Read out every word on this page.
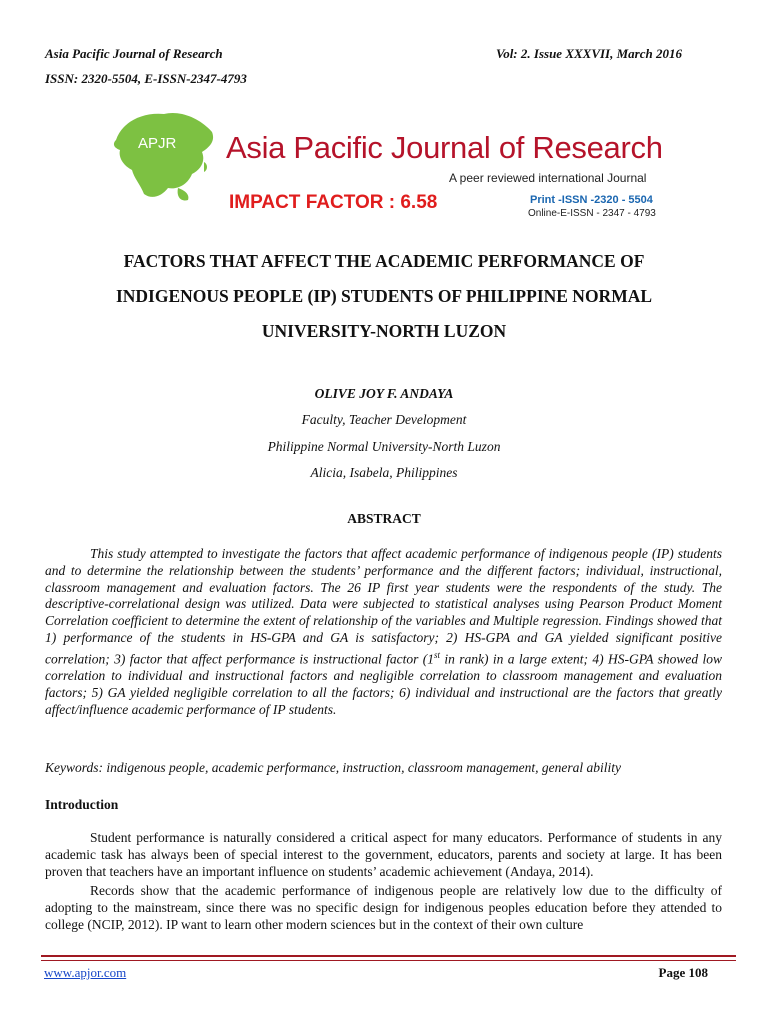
Asia Pacific Journal of Research
ISSN: 2320-5504, E-ISSN-2347-4793
Vol: 2. Issue XXXVII, March 2016
APJR Asia Pacific Journal of Research
A peer reviewed international Journal
IMPACT FACTOR : 6.58	Print -ISSN -2320 - 5504
Online-E-ISSN - 2347 - 4793
FACTORS THAT AFFECT THE ACADEMIC PERFORMANCE OF
INDIGENOUS PEOPLE (IP) STUDENTS OF PHILIPPINE NORMAL
UNIVERSITY-NORTH LUZON
OLIVE JOY F. ANDAYA
Faculty, Teacher Development
Philippine Normal University-North Luzon
Alicia, Isabela, Philippines
ABSTRACT
This study attempted to investigate the factors that affect academic performance of indigenous people (IP) students and to determine the relationship between the students’ performance and the different factors; individual, instructional, classroom management and evaluation factors. The 26 IP first year students were the respondents of the study. The descriptive-correlational design was utilized. Data were subjected to statistical analyses using Pearson Product Moment Correlation coefficient to determine the extent of relationship of the variables and Multiple regression. Findings showed that 1) performance of the students in HS-GPA and GA is satisfactory; 2) HS-GPA and GA yielded significant positive correlation; 3) factor that affect performance is instructional factor (1st in rank) in a large extent; 4) HS-GPA showed low correlation to individual and instructional factors and negligible correlation to classroom management and evaluation factors; 5) GA yielded negligible correlation to all the factors; 6) individual and instructional are the factors that greatly affect/influence academic performance of IP students.
Keywords: indigenous people, academic performance, instruction, classroom management, general ability
Introduction
Student performance is naturally considered a critical aspect for many educators. Performance of students in any academic task has always been of special interest to the government, educators, parents and society at large. It has been proven that teachers have an important influence on students’ academic achievement (Andaya, 2014).
Records show that the academic performance of indigenous people are relatively low due to the difficulty of adopting to the mainstream, since there was no specific design for indigenous peoples education before they attended to college (NCIP, 2012). IP want to learn other modern sciences but in the context of their own culture
www.apjor.com	Page 108
